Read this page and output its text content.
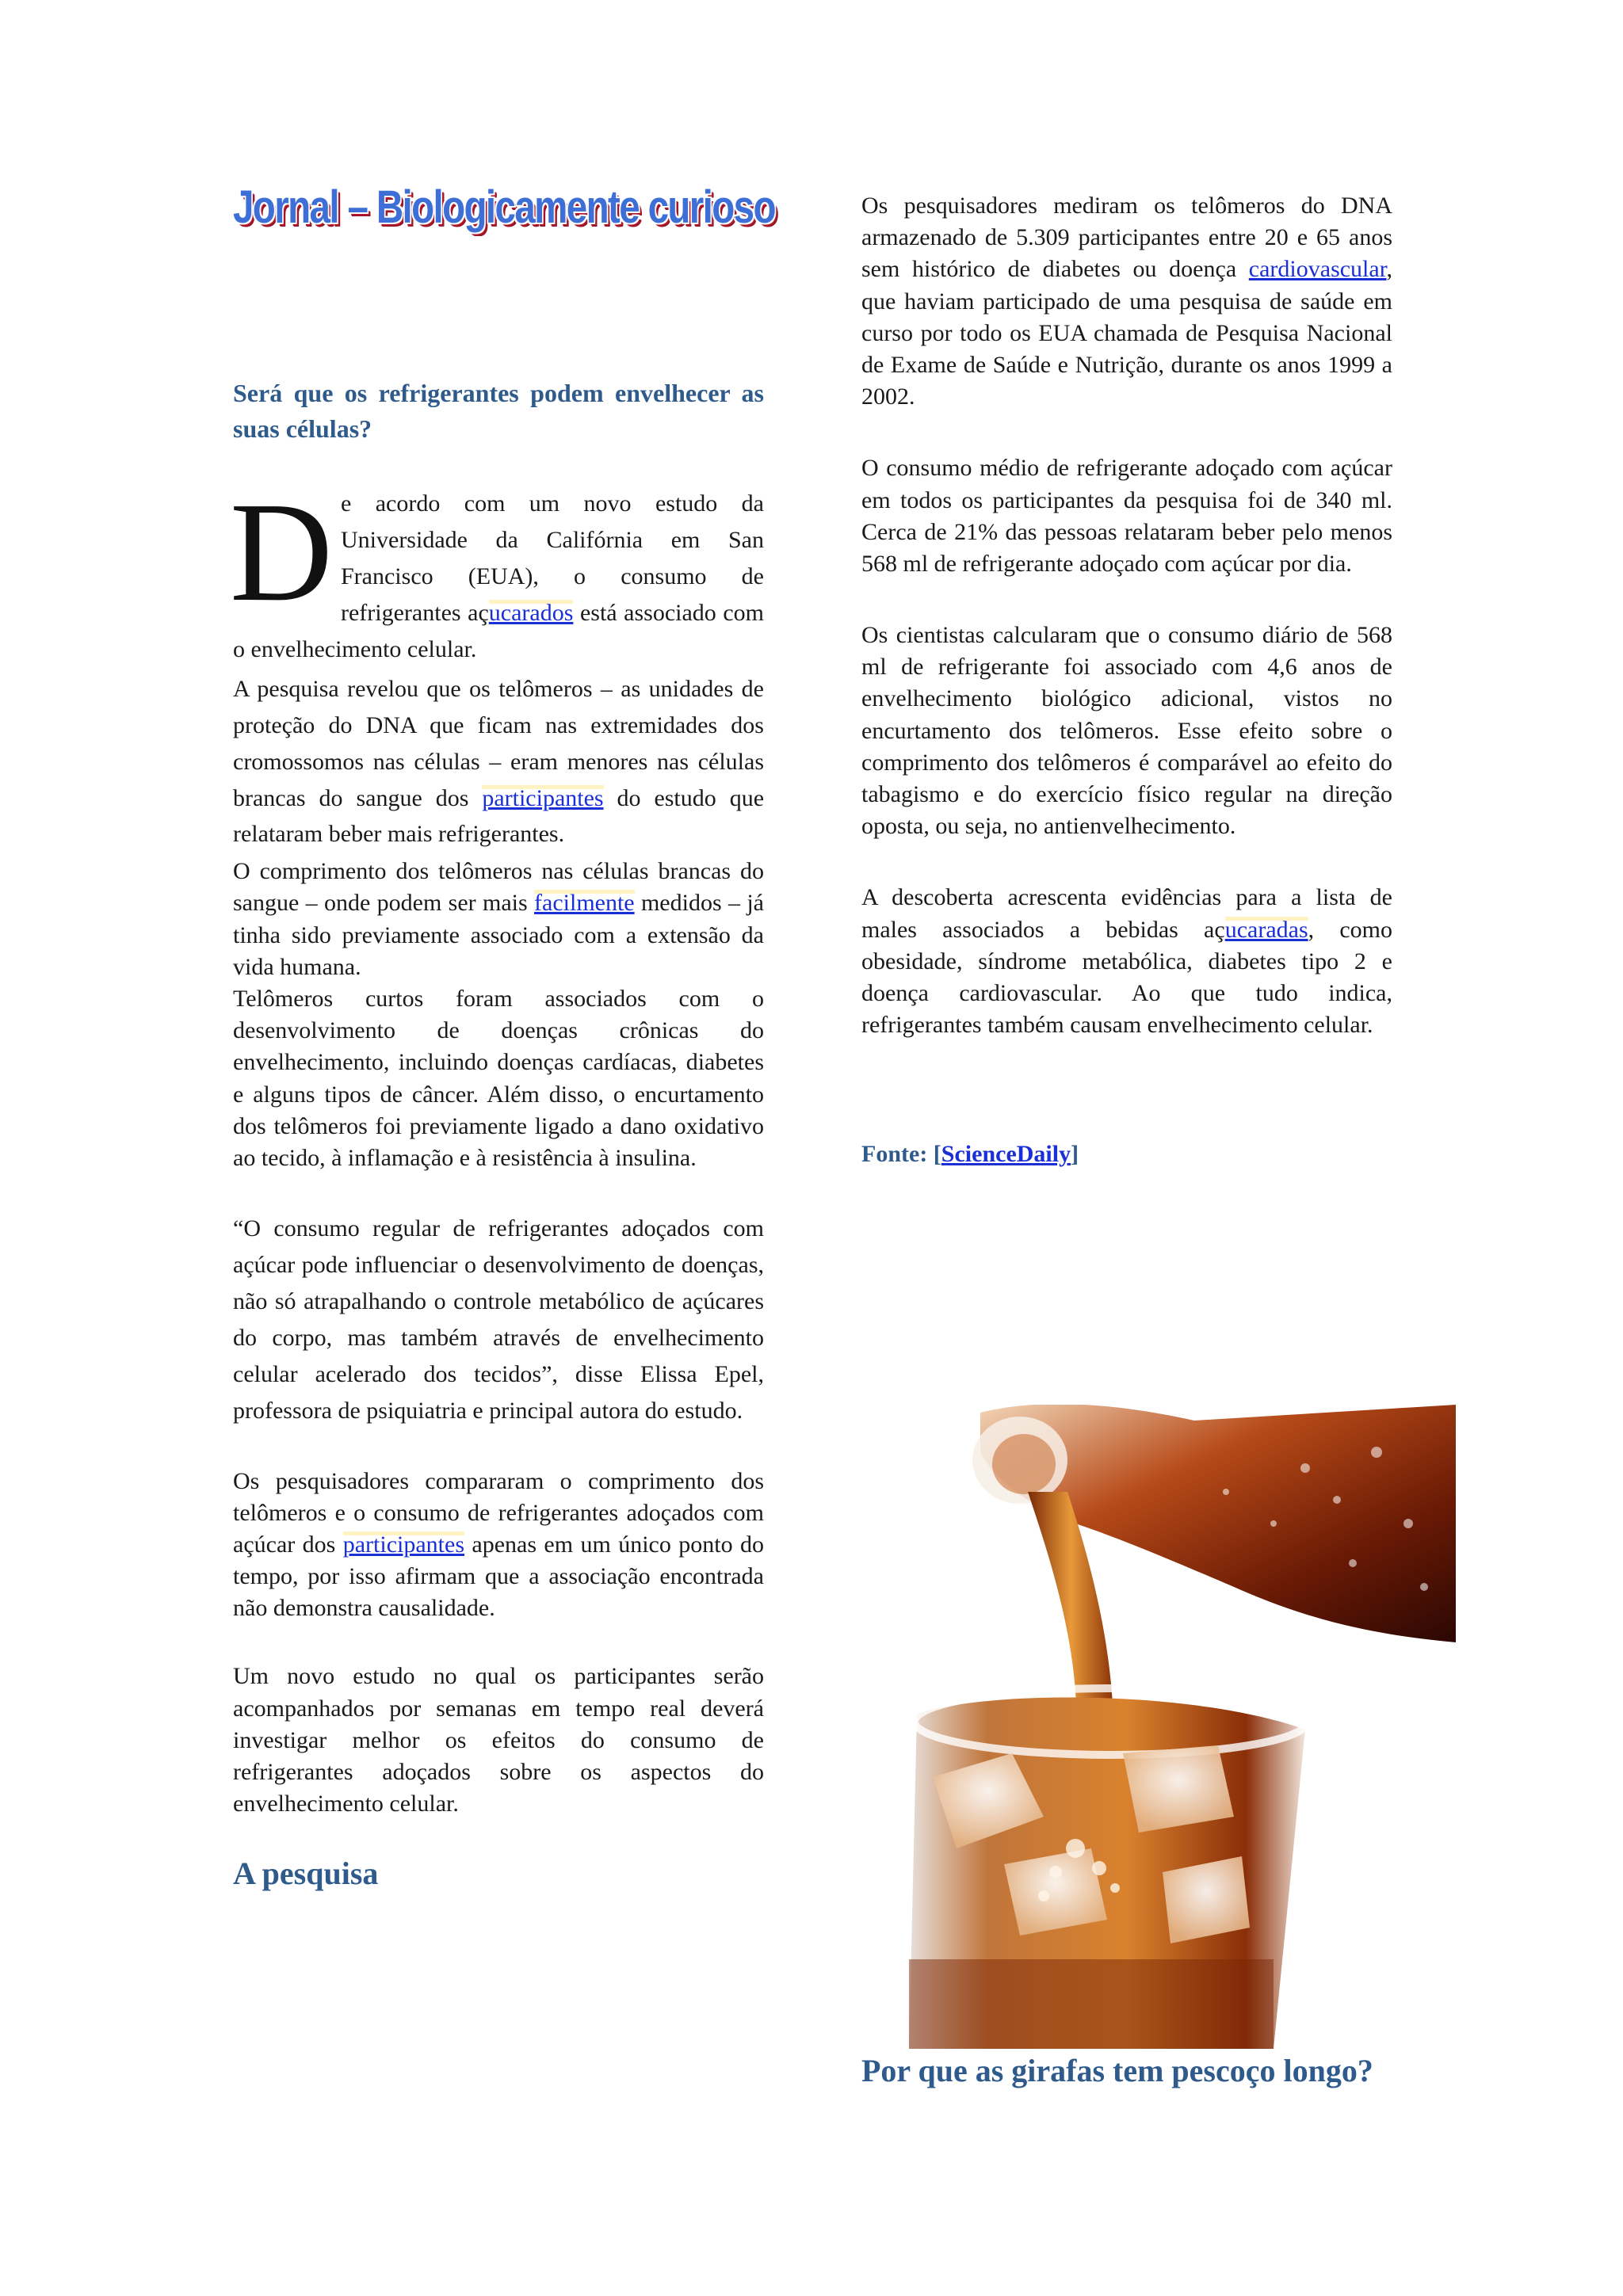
Jornal – Biologicamente curioso
Será que os refrigerantes podem envelhecer as suas células?
D e acordo com um novo estudo da Universidade da Califórnia em San Francisco (EUA), o consumo de refrigerantes açucarados está associado com o envelhecimento celular.

A pesquisa revelou que os telômeros – as unidades de proteção do DNA que ficam nas extremidades dos cromossomos nas células – eram menores nas células brancas do sangue dos participantes do estudo que relataram beber mais refrigerantes.

O comprimento dos telômeros nas células brancas do sangue – onde podem ser mais facilmente medidos – já tinha sido previamente associado com a extensão da vida humana.

Telômeros curtos foram associados com o desenvolvimento de doenças crônicas do envelhecimento, incluindo doenças cardíacas, diabetes e alguns tipos de câncer. Além disso, o encurtamento dos telômeros foi previamente ligado a dano oxidativo ao tecido, à inflamação e à resistência à insulina.

“O consumo regular de refrigerantes adoçados com açúcar pode influenciar o desenvolvimento de doenças, não só atrapalhando o controle metabólico de açúcares do corpo, mas também através de envelhecimento celular acelerado dos tecidos”, disse Elissa Epel, professora de psiquiatria e principal autora do estudo.

Os pesquisadores compararam o comprimento dos telômeros e o consumo de refrigerantes adoçados com açúcar dos participantes apenas em um único ponto do tempo, por isso afirmam que a associação encontrada não demonstra causalidade.

Um novo estudo no qual os participantes serão acompanhados por semanas em tempo real deverá investigar melhor os efeitos do consumo de refrigerantes adoçados sobre os aspectos do envelhecimento celular.

A pesquisa

Os pesquisadores mediram os telômeros do DNA armazenado de 5.309 participantes entre 20 e 65 anos sem histórico de diabetes ou doença cardiovascular, que haviam participado de uma pesquisa de saúde em curso por todo os EUA chamada de Pesquisa Nacional de Exame de Saúde e Nutrição, durante os anos 1999 a 2002.

O consumo médio de refrigerante adoçado com açúcar em todos os participantes da pesquisa foi de 340 ml. Cerca de 21% das pessoas relataram beber pelo menos 568 ml de refrigerante adoçado com açúcar por dia.

Os cientistas calcularam que o consumo diário de 568 ml de refrigerante foi associado com 4,6 anos de envelhecimento biológico adicional, vistos no encurtamento dos telômeros. Esse efeito sobre o comprimento dos telômeros é comparável ao efeito do tabagismo e do exercício físico regular na direção oposta, ou seja, no antienvelhecimento.

A descoberta acrescenta evidências para a lista de males associados a bebidas açucaradas, como obesidade, síndrome metabólica, diabetes tipo 2 e doença cardiovascular. Ao que tudo indica, refrigerantes também causam envelhecimento celular.

Fonte: [ScienceDaily]
Por que as girafas tem pescoço longo?
